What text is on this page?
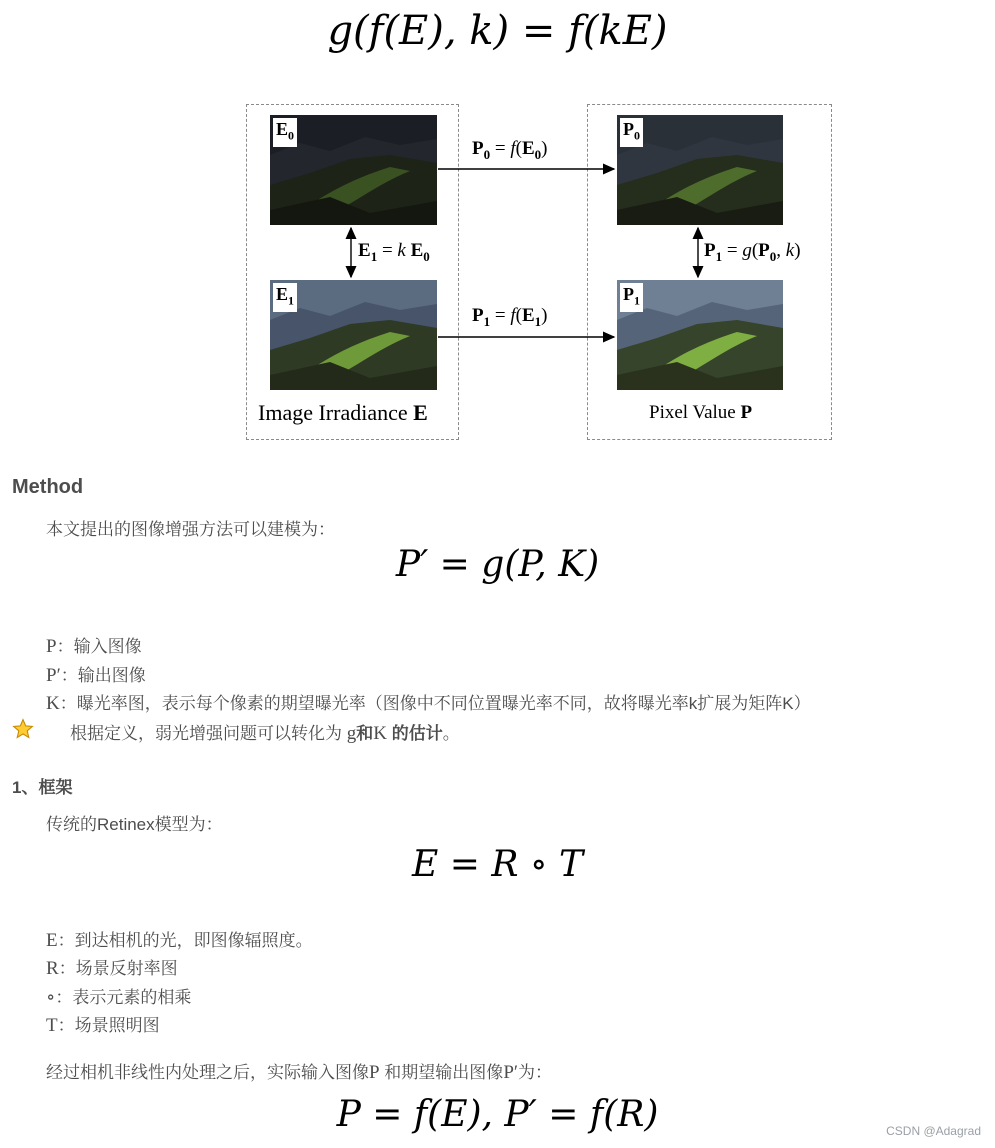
g(f(E), k) = f(kE)
$E_0$
$E_1$
$P_0$
$P_1$
$P_0 = f(E_0)$
$P_1 = f(E_1)$
$E_1 = k$ $E_0$	$P_1 = g(P_0$, k)
Image Irradiance E	Pixel Value P
Method
本文提出的图像增强方法可以建模为：
P′ = g(P, K)
P：输入图像
P′：输出图像
K：曝光率图，表示每个像素的期望曝光率（图像中不同位置曝光率不同，故将曝光率k扩展为矩阵K）
根据定义，弱光增强问题可以转化为 g和K 的估计。
1、框架
传统的Retinex模型为：
E = R ∘ T
E：到达相机的光，即图像辐照度。
R：场景反射率图
∘：表示元素的相乘
T：场景照明图
经过相机非线性内处理之后，实际输入图像P 和期望输出图像P′为：
P = f(E), P′ = f(R)	CSDN @Adagrad
